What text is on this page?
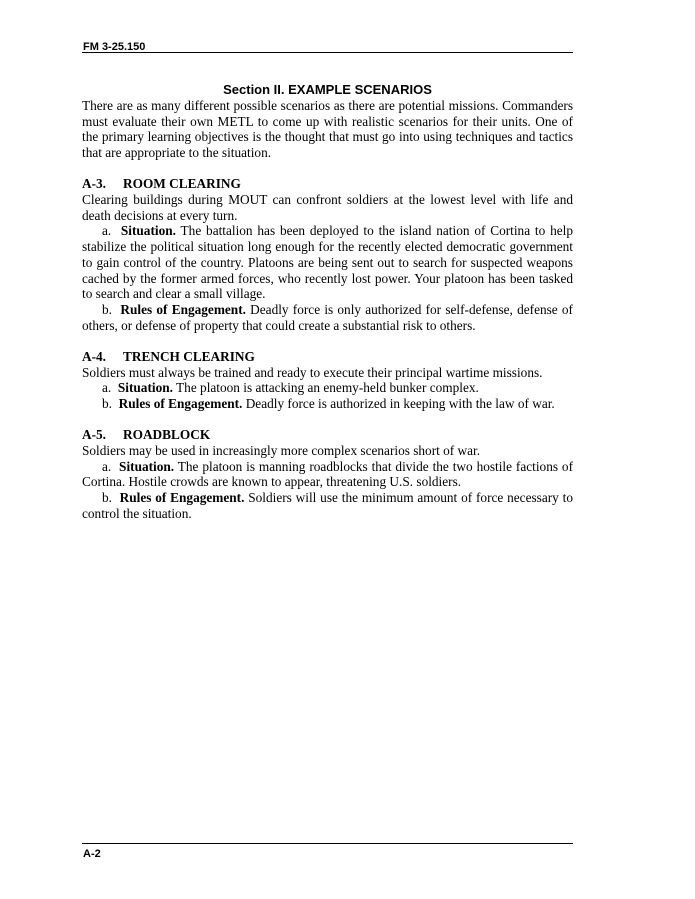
FM 3-25.150

Section II. EXAMPLE SCENARIOS

There are as many different possible scenarios as there are potential missions. Commanders must evaluate their own METL to come up with realistic scenarios for their units. One of the primary learning objectives is the thought that must go into using techniques and tactics that are appropriate to the situation.

A-3. ROOM CLEARING

Clearing buildings during MOUT can confront soldiers at the lowest level with life and death decisions at every turn.

a. Situation. The battalion has been deployed to the island nation of Cortina to help stabilize the political situation long enough for the recently elected democratic government to gain control of the country. Platoons are being sent out to search for suspected weapons cached by the former armed forces, who recently lost power. Your platoon has been tasked to search and clear a small village.

b. Rules of Engagement. Deadly force is only authorized for self-defense, defense of others, or defense of property that could create a substantial risk to others.

A-4. TRENCH CLEARING

Soldiers must always be trained and ready to execute their principal wartime missions.

a. Situation. The platoon is attacking an enemy-held bunker complex.

b. Rules of Engagement. Deadly force is authorized in keeping with the law of war.

A-5. ROADBLOCK

Soldiers may be used in increasingly more complex scenarios short of war.

a. Situation. The platoon is manning roadblocks that divide the two hostile factions of Cortina. Hostile crowds are known to appear, threatening U.S. soldiers.

b. Rules of Engagement. Soldiers will use the minimum amount of force necessary to control the situation.

A-2
